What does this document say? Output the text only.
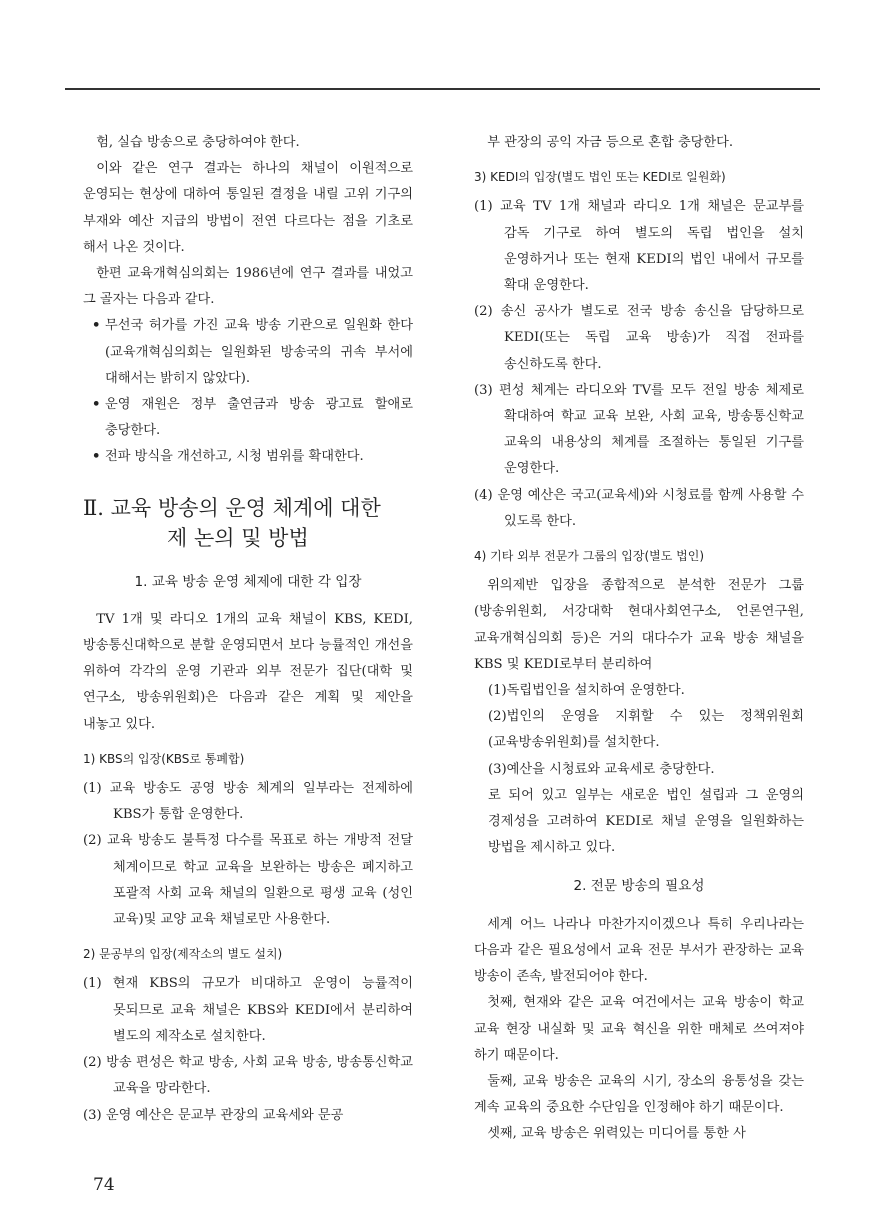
험, 실습 방송으로 충당하여야 한다.

이와 같은 연구 결과는 하나의 채널이 이원적으로 운영되는 현상에 대하여 통일된 결정을 내릴 고위 기구의 부재와 예산 지급의 방법이 전연 다르다는 점을 기초로 해서 나온 것이다.

한편 교육개혁심의회는 1986년에 연구 결과를 내었고 그 골자는 다음과 같다.

• 무선국 허가를 가진 교육 방송 기관으로 일원화 한다(교육개혁심의회는 일원화된 방송국의 귀속 부서에 대해서는 밝히지 않았다).

• 운영 재원은 정부 출연금과 방송 광고료 할애로 충당한다.

• 전파 방식을 개선하고, 시청 범위를 확대한다.

Ⅱ. 교육 방송의 운영 체계에 대한
제 논의 및 방법

1. 교육 방송 운영 체제에 대한 각 입장

TV 1개 및 라디오 1개의 교육 채널이 KBS, KEDI, 방송통신대학으로 분할 운영되면서 보다 능률적인 개선을 위하여 각각의 운영 기관과 외부 전문가 집단(대학 및 연구소, 방송위원회)은 다음과 같은 계획 및 제안을 내놓고 있다.

1) KBS의 입장(KBS로 통폐합)

(1) 교육 방송도 공영 방송 체계의 일부라는 전제하에 KBS가 통합 운영한다.

(2) 교육 방송도 불특정 다수를 목표로 하는 개방적 전달 체계이므로 학교 교육을 보완하는 방송은 폐지하고 포괄적 사회 교육 채널의 일환으로 평생 교육 (성인 교육)및 교양 교육 채널로만 사용한다.

2) 문공부의 입장(제작소의 별도 설치)

(1) 현재 KBS의 규모가 비대하고 운영이 능률적이 못되므로 교육 채널은 KBS와 KEDI에서 분리하여 별도의 제작소로 설치한다.

(2) 방송 편성은 학교 방송, 사회 교육 방송, 방송통신학교 교육을 망라한다.

(3) 운영 예산은 문교부 관장의 교육세와 문공

부 관장의 공익 자금 등으로 혼합 충당한다.

3) KEDI의 입장(별도 법인 또는 KEDI로 일원화)

(1) 교육 TV 1개 채널과 라디오 1개 채널은 문교부를 감독 기구로 하여 별도의 독립 법인을 설치 운영하거나 또는 현재 KEDI의 법인 내에서 규모를 확대 운영한다.

(2) 송신 공사가 별도로 전국 방송 송신을 담당하므로 KEDI(또는 독립 교육 방송)가 직접 전파를 송신하도록 한다.

(3) 편성 체계는 라디오와 TV를 모두 전일 방송 체제로 확대하여 학교 교육 보완, 사회 교육, 방송통신학교 교육의 내용상의 체계를 조절하는 통일된 기구를 운영한다.

(4) 운영 예산은 국고(교육세)와 시청료를 함께 사용할 수 있도록 한다.

4) 기타 외부 전문가 그룹의 입장(별도 법인)

위의제반 입장을 종합적으로 분석한 전문가 그룹 (방송위원회, 서강대학 현대사회연구소, 언론연구원, 교육개혁심의회 등)은 거의 대다수가 교육 방송 채널을 KBS 및 KEDI로부터 분리하여

(1)독립법인을 설치하여 운영한다.

(2)법인의 운영을 지휘할 수 있는 정책위원회 (교육방송위원회)를 설치한다.

(3)예산을 시청료와 교육세로 충당한다.

로 되어 있고 일부는 새로운 법인 설립과 그 운영의 경제성을 고려하여 KEDI로 채널 운영을 일원화하는 방법을 제시하고 있다.

2. 전문 방송의 필요성

세계 어느 나라나 마찬가지이겠으나 특히 우리나라는 다음과 같은 필요성에서 교육 전문 부서가 관장하는 교육 방송이 존속, 발전되어야 한다.

첫째, 현재와 같은 교육 여건에서는 교육 방송이 학교 교육 현장 내실화 및 교육 혁신을 위한 매체로 쓰여져야 하기 때문이다.

둘째, 교육 방송은 교육의 시기, 장소의 융통성을 갖는 계속 교육의 중요한 수단임을 인정해야 하기 때문이다.

셋째, 교육 방송은 위력있는 미디어를 통한 사

74
